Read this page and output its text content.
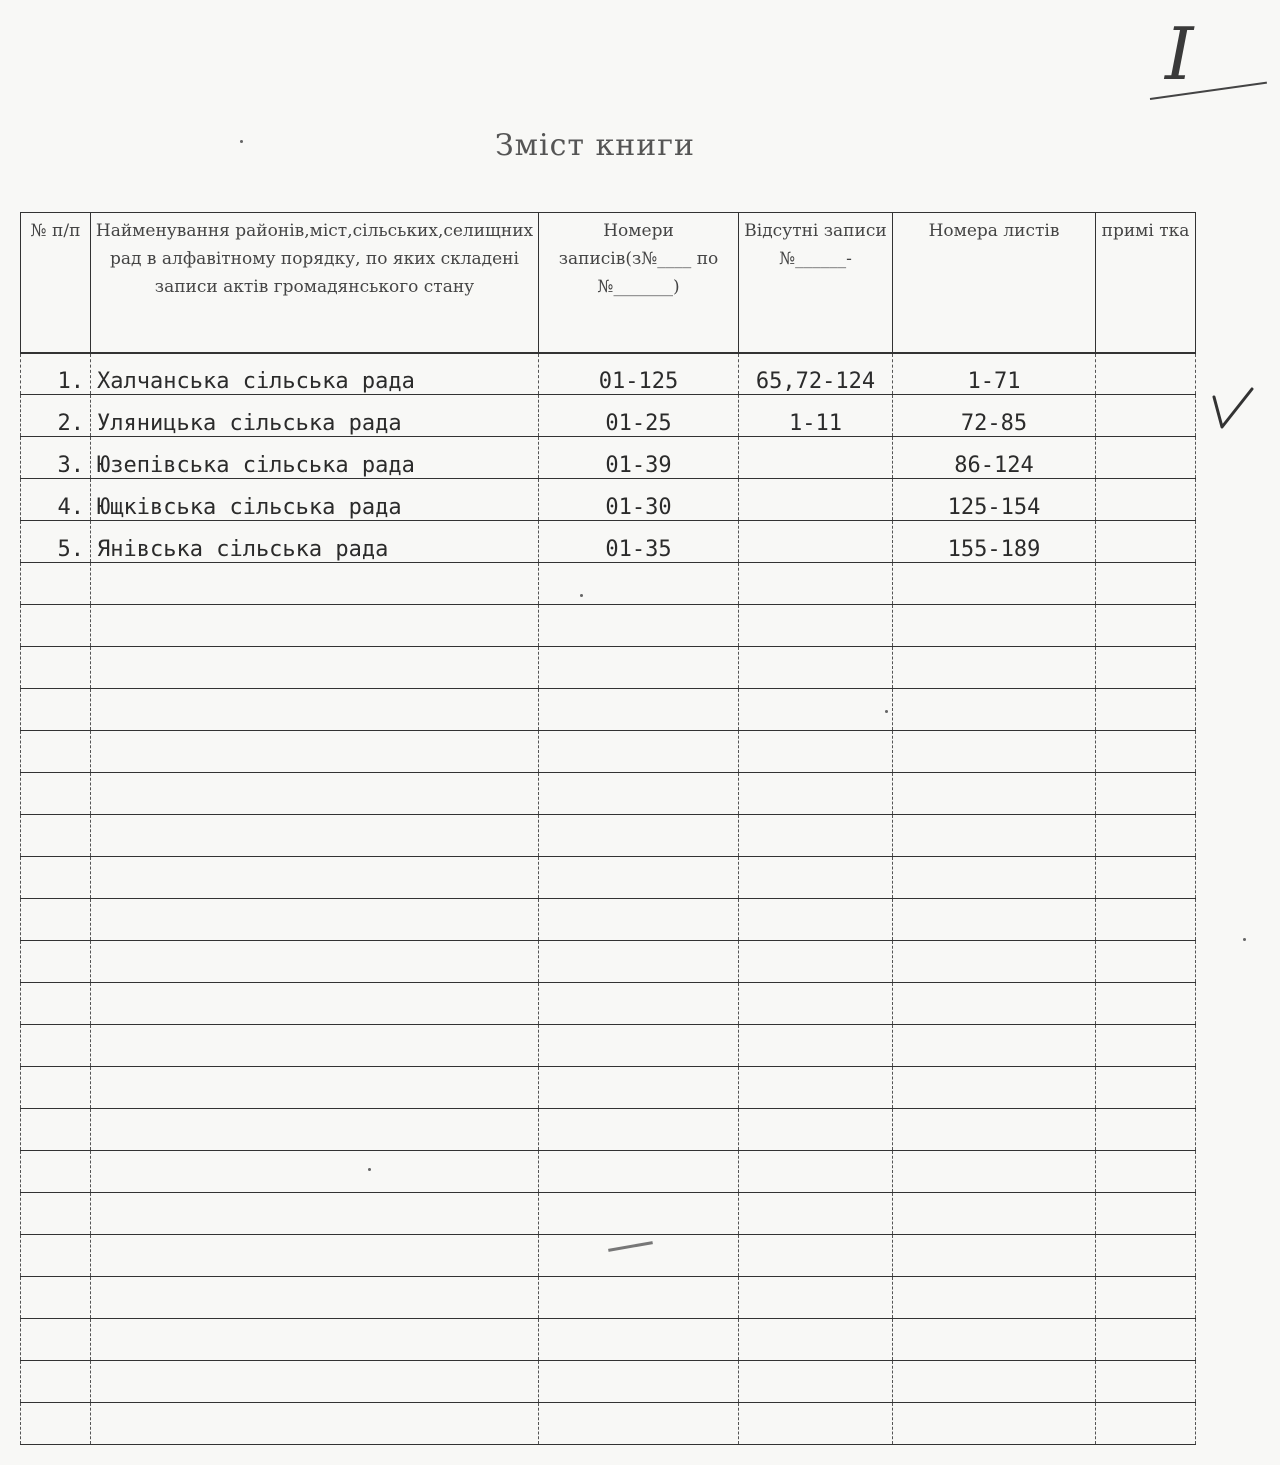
I
Зміст книги
№ п/п	Найменування районів,міст,сільських,селищних рад в алфавітному порядку, по яких складені записи актів громадянського стану	Номери записів(з№____ по №_______)	Відсутні записи №______-	Номера листів	примі тка
1.	Халчанська сільська рада	01-125	65,72-124	1-71	
2.	Уляницька сільська рада	01-25	1-11	72-85	
3.	Юзепівська сільська рада	01-39		86-124	
4.	Ющківська сільська рада	01-30		125-154	
5.	Янівська сільська рада	01-35		155-189	
